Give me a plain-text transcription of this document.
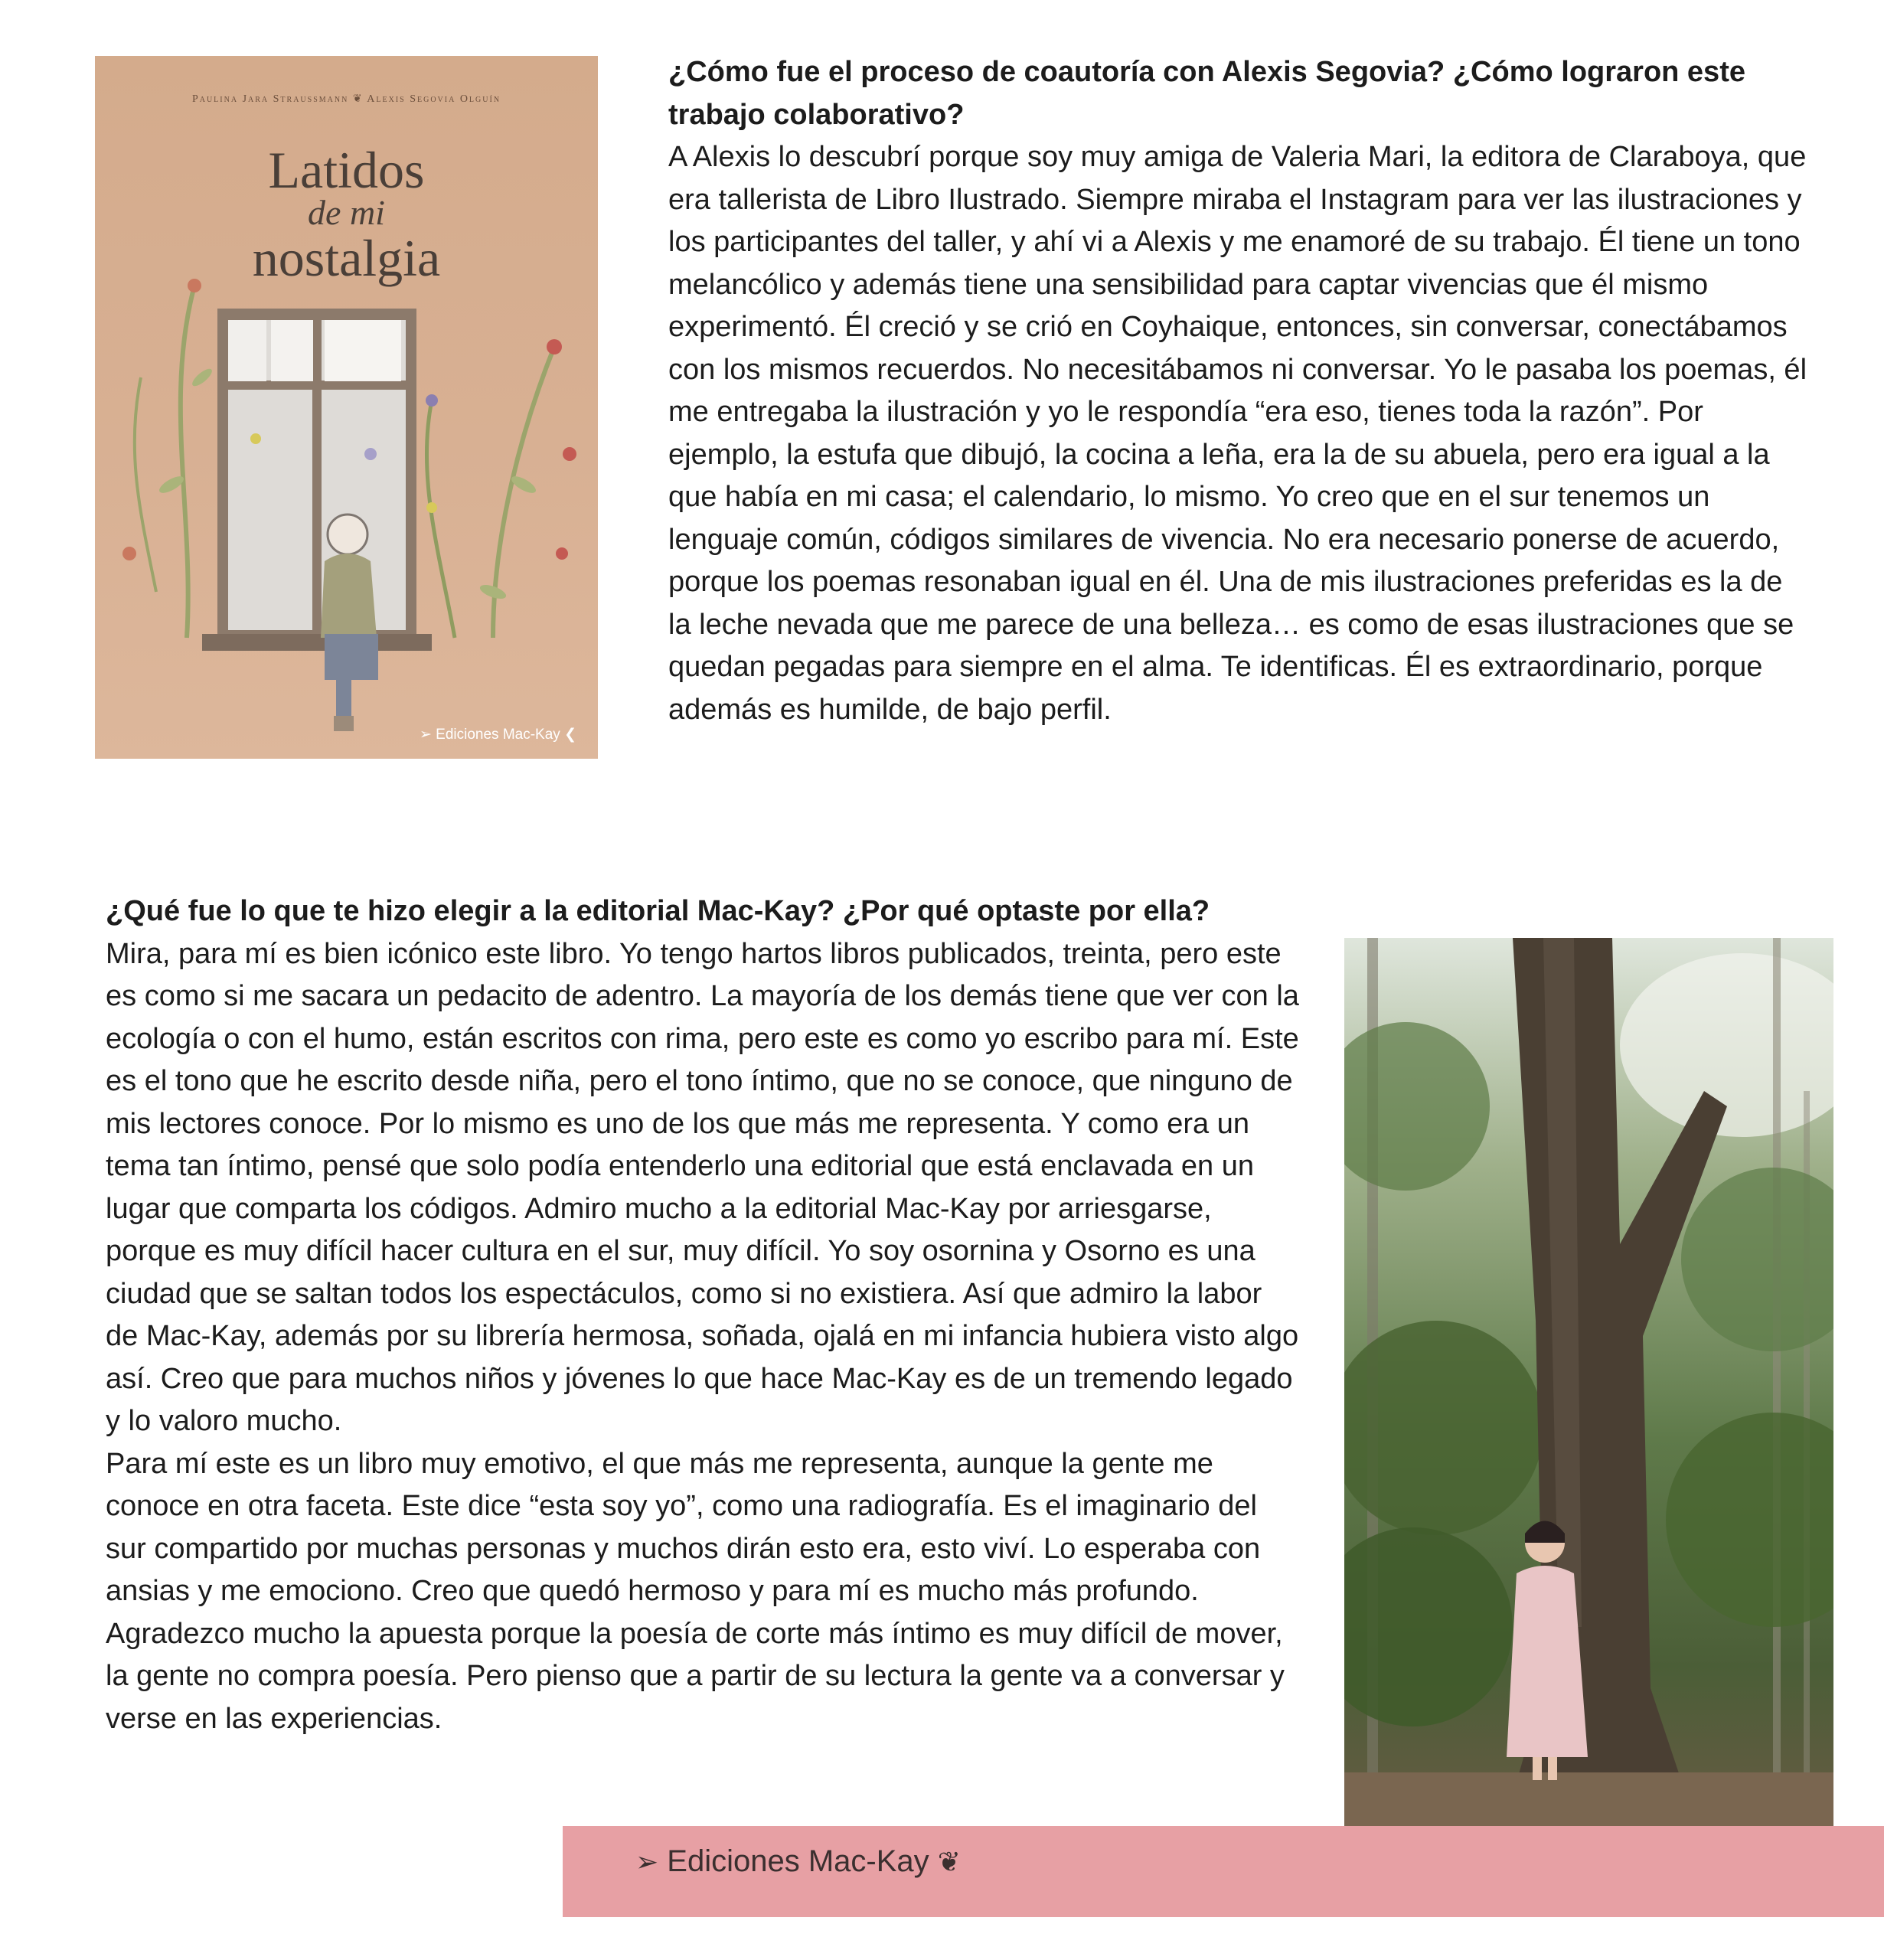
Paulina Jara Straussmann ❦ Alexis Segovia Olguín
Latidos
de mi
nostalgia
➢ Ediciones Mac-Kay ❮

¿Cómo fue el proceso de coautoría con Alexis Segovia? ¿Cómo lograron este trabajo colaborativo?

A Alexis lo descubrí porque soy muy amiga de Valeria Mari, la editora de Claraboya, que era tallerista de Libro Ilustrado. Siempre miraba el Instagram para ver las ilustraciones y los participantes del taller, y ahí vi a Alexis y me enamoré de su trabajo. Él tiene un tono melancólico y además tiene una sensibilidad para captar vivencias que él mismo experimentó. Él creció y se crió en Coyhaique, entonces, sin conversar, conectábamos con los mismos recuerdos. No necesitábamos ni conversar. Yo le pasaba los poemas, él me entregaba la ilustración y yo le respondía “era eso, tienes toda la razón”. Por ejemplo, la estufa que dibujó, la cocina a leña, era la de su abuela, pero era igual a la que había en mi casa; el calendario, lo mismo. Yo creo que en el sur tenemos un lenguaje común, códigos similares de vivencia. No era necesario ponerse de acuerdo, porque los poemas resonaban igual en él. Una de mis ilustraciones preferidas es la de la leche nevada que me parece de una belleza… es como de esas ilustraciones que se quedan pegadas para siempre en el alma. Te identificas. Él es extraordinario, porque además es humilde, de bajo perfil.

¿Qué fue lo que te hizo elegir a la editorial Mac-Kay? ¿Por qué optaste por ella?

Mira, para mí es bien icónico este libro. Yo tengo hartos libros publicados, treinta, pero este es como si me sacara un pedacito de adentro. La mayoría de los demás tiene que ver con la ecología o con el humo, están escritos con rima, pero este es como yo escribo para mí. Este es el tono que he escrito desde niña, pero el tono íntimo, que no se conoce, que ninguno de mis lectores conoce. Por lo mismo es uno de los que más me representa. Y como era un tema tan íntimo, pensé que solo podía entenderlo una editorial que está enclavada en un lugar que comparta los códigos. Admiro mucho a la editorial Mac-Kay por arriesgarse, porque es muy difícil hacer cultura en el sur, muy difícil. Yo soy osornina y Osorno es una ciudad que se saltan todos los espectáculos, como si no existiera. Así que admiro la labor de Mac-Kay, además por su librería hermosa, soñada, ojalá en mi infancia hubiera visto algo así. Creo que para muchos niños y jóvenes lo que hace Mac-Kay es de un tremendo legado y lo valoro mucho.

Para mí este es un libro muy emotivo, el que más me representa, aunque la gente me conoce en otra faceta. Este dice “esta soy yo”, como una radiografía. Es el imaginario del sur compartido por muchas personas y muchos dirán esto era, esto viví. Lo esperaba con ansias y me emociono. Creo que quedó hermoso y para mí es mucho más profundo. Agradezco mucho la apuesta porque la poesía de corte más íntimo es muy difícil de mover, la gente no compra poesía. Pero pienso que a partir de su lectura la gente va a conversar y verse en las experiencias.

➢ Ediciones Mac-Kay ❦
